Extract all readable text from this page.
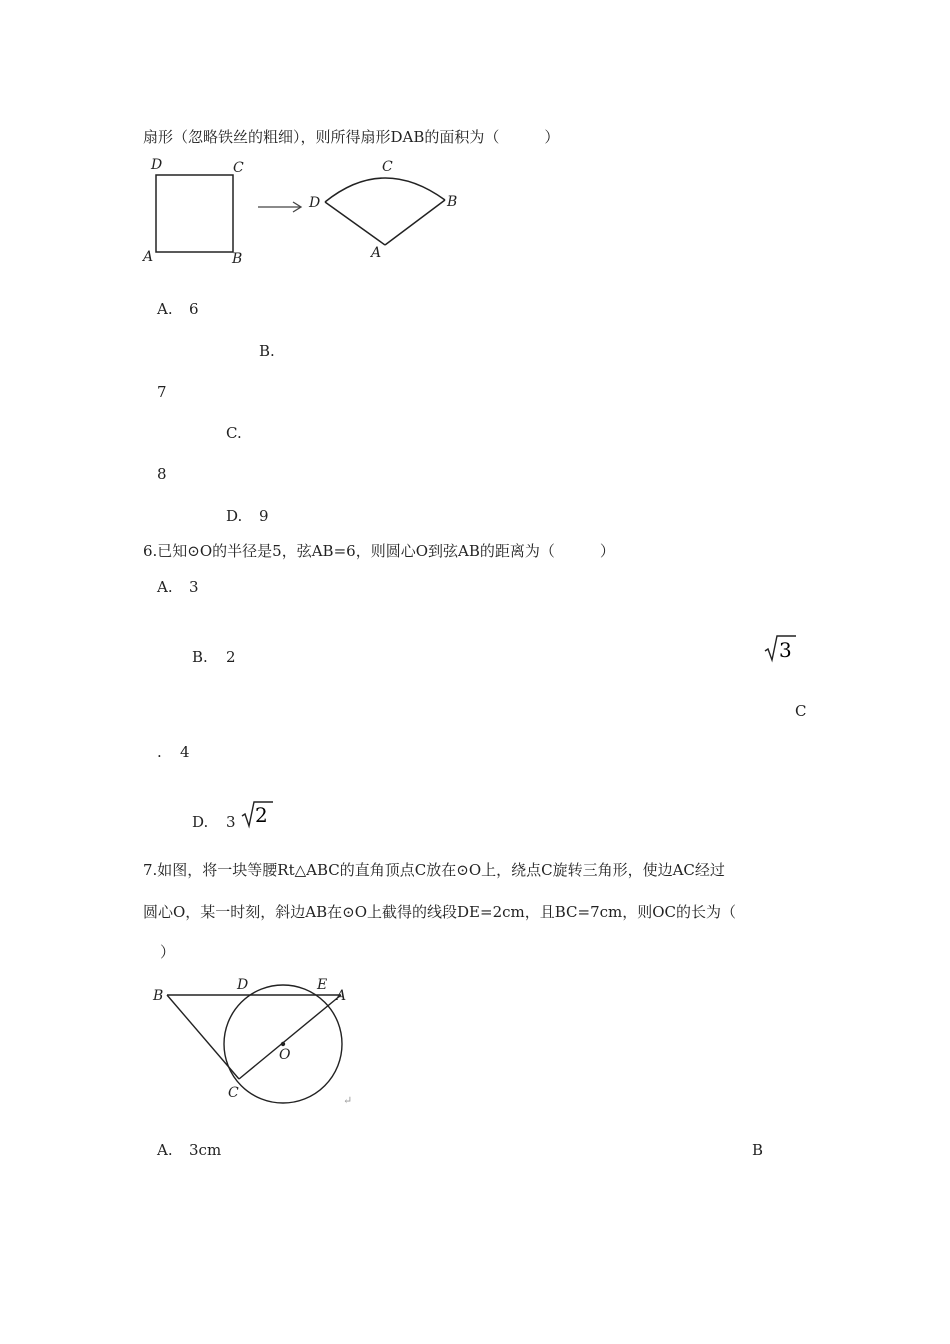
扇形（忽略铁丝的粗细），则所得扇形DAB的面积为（　　　）
D	C
A	B
D
C
A
B
A. 6
B.
7
C.
8
D. 9
6.已知⊙O的半径是5，弦AB=6，则圆心O到弦AB的距离为（　　　）
A. 3
B. 2	3
C
. 4
D. 3 2
7.如图，将一块等腰Rt△ABC的直角顶点C放在⊙O上，绕点C旋转三角形，使边AC经过
圆心O，某一时刻，斜边AB在⊙O上截得的线段DE=2cm，且BC=7cm，则OC的长为（
）
B
D	E
A
O
C	↵
A. 3cm	B
